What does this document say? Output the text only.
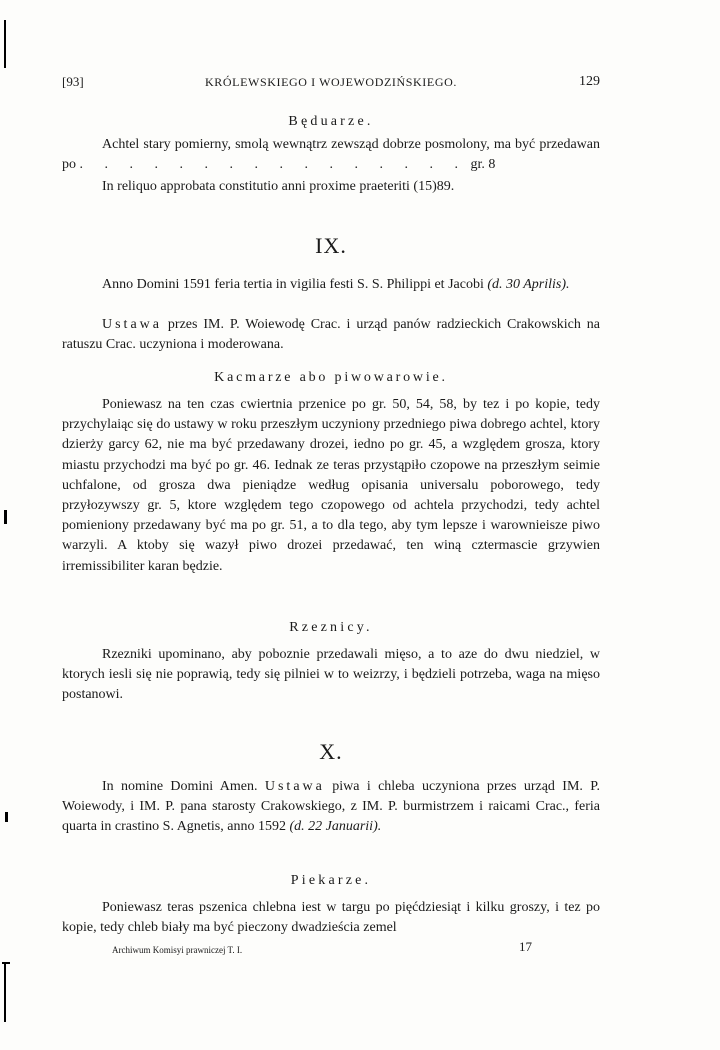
[93]	KRÓLEWSKIEGO I WOJEWODZIŃSKIEGO.	129
Będuarze.
Achtel stary pomierny, smolą wewnątrz zewsząd dobrze posmolony, ma być przedawan po . . . . . . . . . . . . . . . . gr. 8
In reliquo approbata constitutio anni proxime praeteriti (15)89.
IX.
Anno Domini 1591 feria tertia in vigilia festi S. S. Philippi et Jacobi (d. 30 Aprilis).
Ustawa przes IM. P. Woiewodę Crac. i urząd panów radzieckich Crakowskich na ratuszu Crac. uczyniona i moderowana.
Kacmarze abo piwowarowie.
Poniewasz na ten czas cwiertnia przenice po gr. 50, 54, 58, by tez i po kopie, tedy przychylaiąc się do ustawy w roku przeszłym uczyniony przedniego piwa dobrego achtel, ktory dzierży garcy 62, nie ma być przedawany drozei, iedno po gr. 45, a względem grosza, ktory miastu przychodzi ma być po gr. 46. Iednak ze teras przystąpiło czopowe na przeszłym seimie uchfalone, od grosza dwa pieniądze według opisania universalu poborowego, tedy przyłozywszy gr. 5, ktore względem tego czopowego od achtela przychodzi, tedy achtel pomieniony przedawany być ma po gr. 51, a to dla tego, aby tym lepsze i warownieisze piwo warzyli. A ktoby się wazył piwo drozei przedawać, ten winą cztermascie grzywien irremissibiliter karan będzie.
Rzeznicy.
Rzezniki upominano, aby poboznie przedawali mięso, a to aze do dwu niedziel, w ktorych iesli się nie poprawią, tedy się pilniei w to weizrzy, i będzieli potrzeba, waga na mięso postanowi.
X.
In nomine Domini Amen. Ustawa piwa i chleba uczyniona przes urząd IM. P. Woiewody, i IM. P. pana starosty Crakowskiego, z IM. P. burmistrzem i raicami Crac., feria quarta in crastino S. Agnetis, anno 1592 (d. 22 Januarii).
Piekarze.
Poniewasz teras pszenica chlebna iest w targu po pięćdziesiąt i kilku groszy, i tez po kopie, tedy chleb biały ma być pieczony dwadzieścia zemel
Archiwum Komisyi prawniczej T. I.	17
